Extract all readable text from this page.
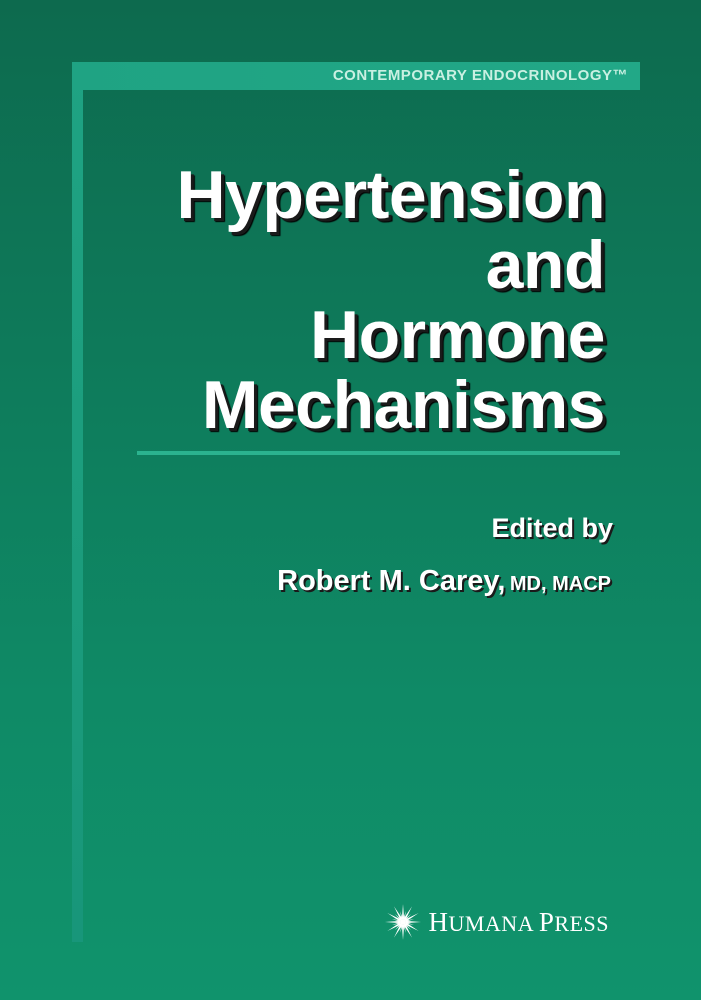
CONTEMPORARY ENDOCRINOLOGY™
Hypertension
and
Hormone
Mechanisms
Edited by
Robert M. Carey, MD, MACP
HUMANA PRESS
